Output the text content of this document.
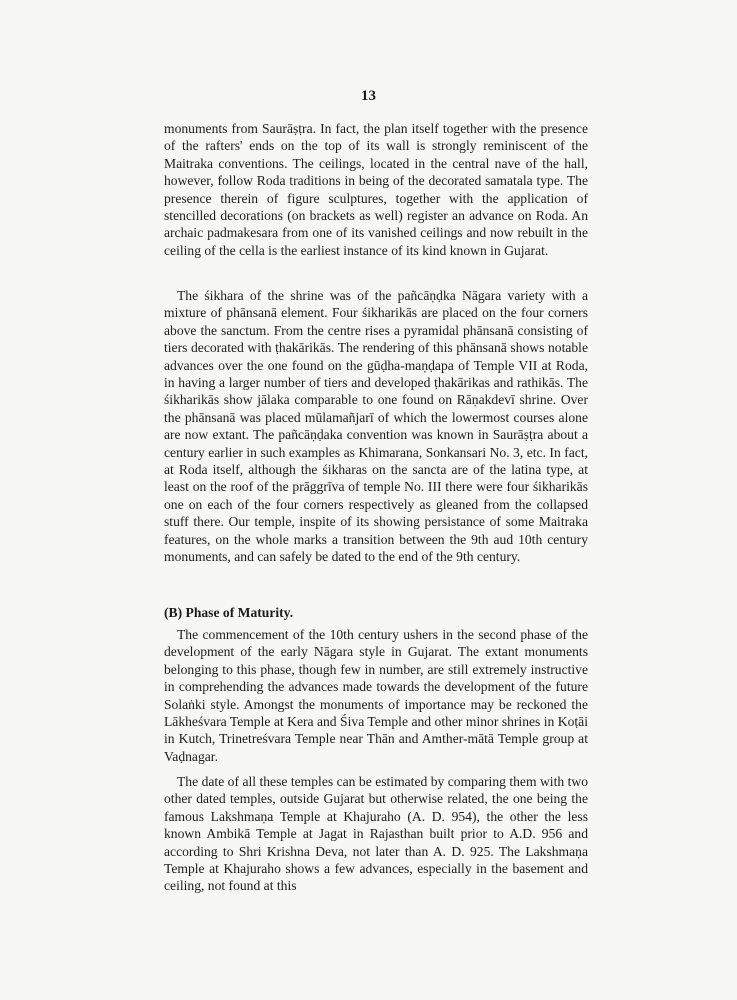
13

monuments from Saurāṣṭra. In fact, the plan itself together with the presence of the rafters' ends on the top of its wall is strongly reminiscent of the Maitraka conventions. The ceilings, located in the central nave of the hall, however, follow Roda traditions in being of the decorated samatala type. The presence therein of figure sculptures, together with the application of stencilled decorations (on brackets as well) register an advance on Roda. An archaic padmakesara from one of its vanished ceilings and now rebuilt in the ceiling of the cella is the earliest instance of its kind known in Gujarat.

The śikhara of the shrine was of the pañcāṇḍka Nāgara variety with a mixture of phānsanā element. Four śikharikās are placed on the four corners above the sanctum. From the centre rises a pyramidal phānsanā consisting of tiers decorated with ṭhakārikās. The rendering of this phānsanā shows notable advances over the one found on the gūḍha-maṇḍapa of Temple VII at Roda, in having a larger number of tiers and developed ṭhakārikas and rathikās. The śikharikās show jālaka comparable to one found on Rāṇakdevī shrine. Over the phānsanā was placed mūlamañjarī of which the lowermost courses alone are now extant. The pañcāṇḍaka convention was known in Saurāṣṭra about a century earlier in such examples as Khimarana, Sonkansari No. 3, etc. In fact, at Roda itself, although the śikharas on the sancta are of the latina type, at least on the roof of the prāggrīva of temple No. III there were four śikharikās one on each of the four corners respectively as gleaned from the collapsed stuff there. Our temple, inspite of its showing persistance of some Maitraka features, on the whole marks a transition between the 9th aud 10th century monuments, and can safely be dated to the end of the 9th century.

(B) Phase of Maturity.

The commencement of the 10th century ushers in the second phase of the development of the early Nāgara style in Gujarat. The extant monuments belonging to this phase, though few in number, are still extremely instructive in comprehending the advances made towards the development of the future Solaṅki style. Amongst the monuments of importance may be reckoned the Lākheśvara Temple at Kera and Śiva Temple and other minor shrines in Koṭāi in Kutch, Trinetreśvara Temple near Thān and Amther-mātā Temple group at Vaḍnagar.

The date of all these temples can be estimated by comparing them with two other dated temples, outside Gujarat but otherwise related, the one being the famous Lakshmaṇa Temple at Khajuraho (A. D. 954), the other the less known Ambikā Temple at Jagat in Rajasthan built prior to A.D. 956 and according to Shri Krishna Deva, not later than A. D. 925. The Lakshmaṇa Temple at Khajuraho shows a few advances, especially in the basement and ceiling, not found at this
